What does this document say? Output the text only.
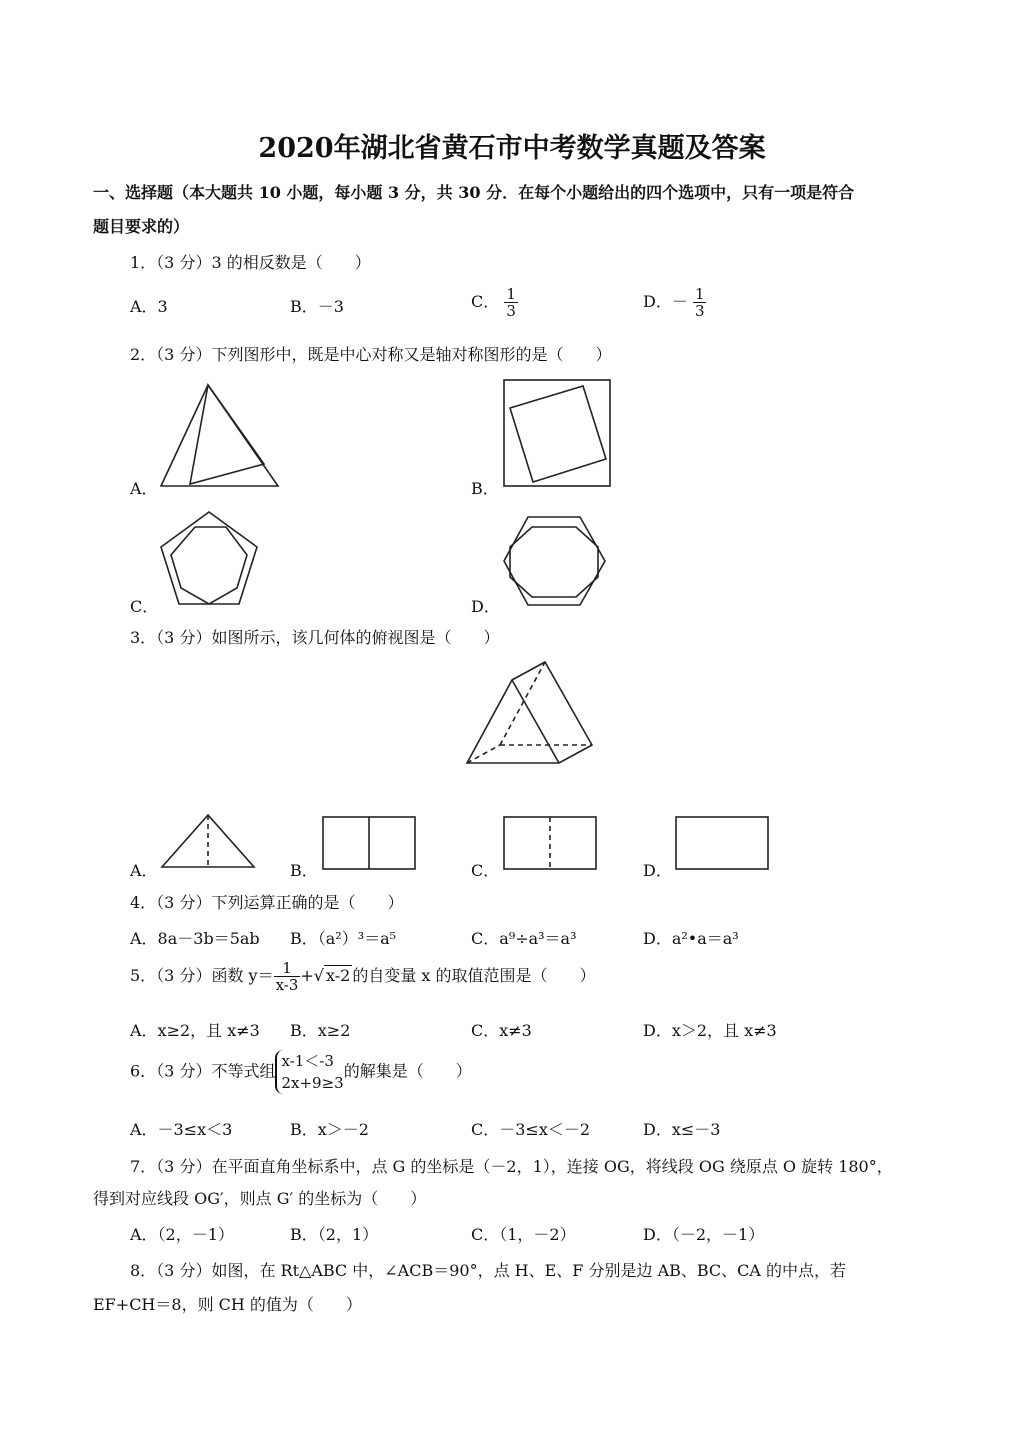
2020年湖北省黄石市中考数学真题及答案
一、选择题（本大题共 10 小题，每小题 3 分，共 30 分．在每个小题给出的四个选项中，只有一项是符合
题目要求的）
1．（3 分）3 的相反数是（　　）
A．3	B．－3	C． $\frac{1}{3}$	D．－ $\frac{1}{3}$
2．（3 分）下列图形中，既是中心对称又是轴对称图形的是（　　）
A．	B．
C．	D．
3．（3 分）如图所示，该几何体的俯视图是（　　）
A．	B．	C．	D．
4．（3 分）下列运算正确的是（　　）
A．8a－3b＝5ab B．（a²）³＝a⁵	C．a⁹÷a³＝a³	D．a²•a＝a³
5．（3 分）函数 $y= \frac{1}{x-3}$ +√ x-2 的自变量 x 的取值范围是（　　）
A．x≥2，且 x≠3 B．x≥2	C．x≠3	D．x＞2，且 x≠3
6．（3 分）不等式组
x-1＜-3
2x+9≥3
的解集是（　　）
A．－3≤x＜3	B．x＞－2	C．－3≤x＜－2	D．x≤－3
7．（3 分）在平面直角坐标系中，点 G 的坐标是（－2，1），连接 OG，将线段 OG 绕原点 O 旋转 180°，
得到对应线段 OG′，则点 G′ 的坐标为（　　）
A．（2，－1）	B．（2，1）	C．（1，－2）	D．（－2，－1）
8．（3 分）如图，在 Rt△ABC 中，∠ACB＝90°，点 H、E、F 分别是边 AB、BC、CA 的中点，若
EF+CH＝8，则 CH 的值为（　　）
